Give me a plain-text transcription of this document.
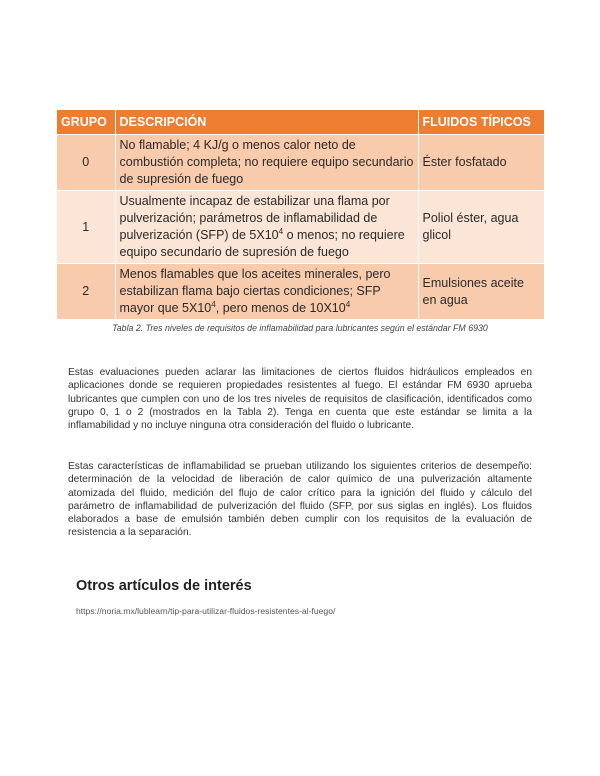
GRUPO	DESCRIPCIÓN	FLUIDOS TÍPICOS
0	No flamable; 4 KJ/g o menos calor neto de combustión completa; no requiere equipo secundario de supresión de fuego	Éster fosfatado
1	Usualmente incapaz de estabilizar una flama por pulverización; parámetros de inflamabilidad de pulverización (SFP) de $5X10^4$ o menos; no requiere equipo secundario de supresión de fuego	Poliol éster, agua glicol
2	Menos flamables que los aceites minerales, pero estabilizan flama bajo ciertas condiciones; SFP mayor que $5X10^4$, pero menos de $10X10^4$	Emulsiones aceite en agua
Tabla 2. Tres niveles de requisitos de inflamabilidad para lubricantes según el estándar FM 6930

Estas evaluaciones pueden aclarar las limitaciones de ciertos fluidos hidráulicos empleados en aplicaciones donde se requieren propiedades resistentes al fuego. El estándar FM 6930 aprueba lubricantes que cumplen con uno de los tres niveles de requisitos de clasificación, identificados como grupo 0, 1 o 2 (mostrados en la Tabla 2). Tenga en cuenta que este estándar se limita a la inflamabilidad y no incluye ninguna otra consideración del fluido o lubricante.

Estas características de inflamabilidad se prueban utilizando los siguientes criterios de desempeño: determinación de la velocidad de liberación de calor químico de una pulverización altamente atomizada del fluido, medición del flujo de calor crítico para la ignición del fluido y cálculo del parámetro de inflamabilidad de pulverización del fluido (SFP, por sus siglas en inglés). Los fluidos elaborados a base de emulsión también deben cumplir con los requisitos de la evaluación de resistencia a la separación.

Otros artículos de interés
https://noria.mx/lublearn/tip-para-utilizar-fluidos-resistentes-al-fuego/
